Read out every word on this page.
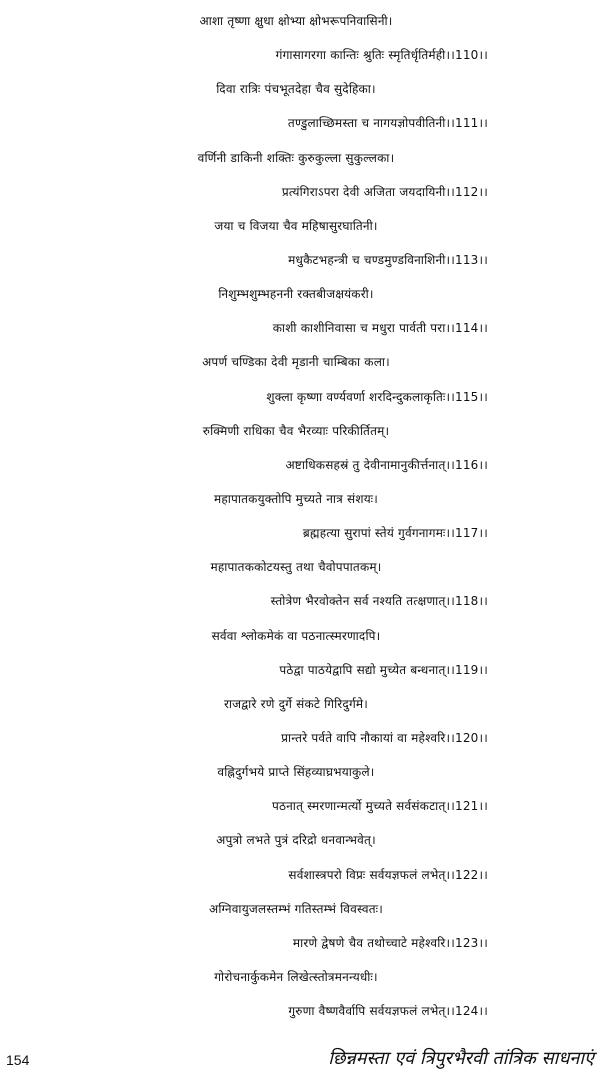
आशा तृष्णा क्षुधा क्षोभ्या क्षोभरूपनिवासिनी।
गंगासागरगा कान्तिः श्रुतिः स्मृतिर्धृतिर्मही।।110।।
दिवा रात्रिः पंचभूतदेहा चैव सुदेहिका।
तण्डुलाच्छिमस्ता च नागयज्ञोपवीतिनी।।111।।
वर्णिनी डाकिनी शक्तिः कुरुकुल्ला सुकुल्लका।
प्रत्यंगिराऽपरा देवी अजिता जयदायिनी।।112।।
जया च विजया चैव महिषासुरघातिनी।
मधुकैटभहन्त्री च चण्डमुण्डविनाशिनी।।113।।
निशुम्भशुम्भहननी रक्तबीजक्षयंकरी।
काशी काशीनिवासा च मधुरा पार्वती परा।।114।।
अपर्ण चण्डिका देवी मृडानी चाम्बिका कला।
शुक्ला कृष्णा वर्ण्यवर्णा शरदिन्दुकलाकृतिः।।115।।
रुक्मिणी राधिका चैव भैरव्याः परिकीर्तितम्।
अष्टाधिकसहस्रं तु देवीनामानुकीर्त्तनात्।।116।।
महापातकयुक्तोपि मुच्यते नात्र संशयः।
ब्रह्महत्या सुरापां स्तेयं गुर्वगनागमः।।117।।
महापातककोटयस्तु तथा चैवोपपातकम्।
स्तोत्रेण भैरवोक्तेन सर्व नश्यति तत्क्षणात्।।118।।
सर्ववा श्लोकमेकं वा पठनात्स्मरणादपि।
पठेद्वा पाठयेद्वापि सद्यो मुच्येत बन्धनात्।।119।।
राजद्वारे रणे दुर्गे संकटे गिरिदुर्गमे।
प्रान्तरे पर्वते वापि नौकायां वा महेश्वरि।।120।।
वह्निदुर्गभये प्राप्ते सिंहव्याघ्रभयाकुले।
पठनात् स्मरणान्मर्त्यो मुच्यते सर्वसंकटात्।।121।।
अपुत्रो लभते पुत्रं दरिद्रो धनवान्भवेत्।
सर्वशास्त्रपरो विप्रः सर्वयज्ञफलं लभेत्।।122।।
अग्निवायुजलस्तम्भं गतिस्तम्भं विवस्वतः।
मारणे द्वेषणे चैव तथोच्चाटे महेश्वरि।।123।।
गोरोचनार्कुकमेन लिखेत्स्तोत्रमनन्यधीः।
गुरुणा वैष्णवैर्वापि सर्वयज्ञफलं लभेत्।।124।।
154	छिन्नमस्ता एवं त्रिपुरभैरवी तांत्रिक साधनाएं
